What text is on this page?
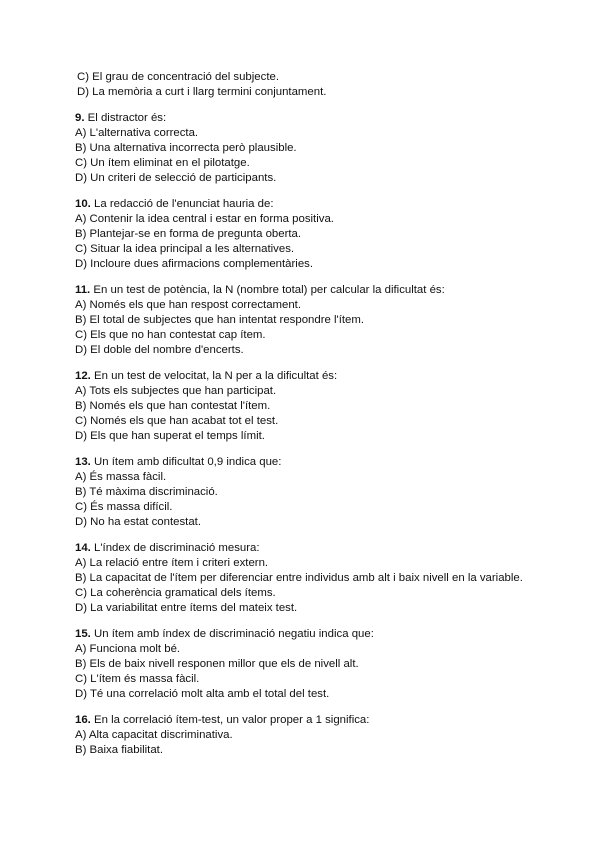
C) El grau de concentració del subjecte.
D) La memòria a curt i llarg termini conjuntament.
9. El distractor és:
A) L'alternativa correcta.
B) Una alternativa incorrecta però plausible.
C) Un ítem eliminat en el pilotatge.
D) Un criteri de selecció de participants.
10. La redacció de l'enunciat hauria de:
A) Contenir la idea central i estar en forma positiva.
B) Plantejar-se en forma de pregunta oberta.
C) Situar la idea principal a les alternatives.
D) Incloure dues afirmacions complementàries.
11. En un test de potència, la N (nombre total) per calcular la dificultat és:
A) Només els que han respost correctament.
B) El total de subjectes que han intentat respondre l'ítem.
C) Els que no han contestat cap ítem.
D) El doble del nombre d'encerts.
12. En un test de velocitat, la N per a la dificultat és:
A) Tots els subjectes que han participat.
B) Només els que han contestat l'ítem.
C) Només els que han acabat tot el test.
D) Els que han superat el temps límit.
13. Un ítem amb dificultat 0,9 indica que:
A) És massa fàcil.
B) Té màxima discriminació.
C) És massa difícil.
D) No ha estat contestat.
14. L'índex de discriminació mesura:
A) La relació entre ítem i criteri extern.
B) La capacitat de l'ítem per diferenciar entre individus amb alt i baix nivell en la variable.
C) La coherència gramatical dels ítems.
D) La variabilitat entre ítems del mateix test.
15. Un ítem amb índex de discriminació negatiu indica que:
A) Funciona molt bé.
B) Els de baix nivell responen millor que els de nivell alt.
C) L'ítem és massa fàcil.
D) Té una correlació molt alta amb el total del test.
16. En la correlació ítem-test, un valor proper a 1 significa:
A) Alta capacitat discriminativa.
B) Baixa fiabilitat.
